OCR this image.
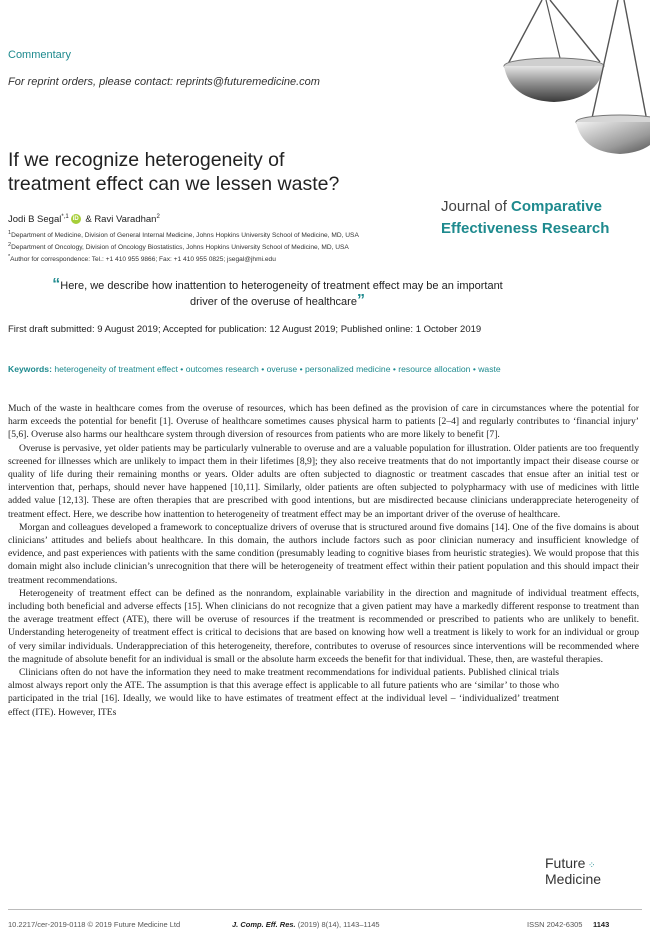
Commentary
For reprint orders, please contact: reprints@futuremedicine.com
If we recognize heterogeneity of
treatment effect can we lessen waste?
Journal of Comparative
Effectiveness Research
Jodi B Segal$^{*,1}$ iD & Ravi Varadhan$^2$
$^1$Department of Medicine, Division of General Internal Medicine, Johns Hopkins University School of Medicine, MD, USA
$^2$Department of Oncology, Division of Oncology Biostatistics, Johns Hopkins University School of Medicine, MD, USA
*Author for correspondence: Tel.: +1 410 955 9866; Fax: +1 410 955 0825; jsegal@jhmi.edu
“Here, we describe how inattention to heterogeneity of treatment effect may be an important
driver of the overuse of healthcare”
First draft submitted: 9 August 2019; Accepted for publication: 12 August 2019; Published online: 1 October 2019
Keywords: heterogeneity of treatment effect • outcomes research • overuse • personalized medicine • resource allocation • waste

Much of the waste in healthcare comes from the overuse of resources, which has been defined as the provision of care in circumstances where the potential for harm exceeds the potential for benefit [1]. Overuse of healthcare sometimes causes physical harm to patients [2–4] and regularly contributes to ‘financial injury’ [5,6]. Overuse also harms our healthcare system through diversion of resources from patients who are more likely to benefit [7].

Overuse is pervasive, yet older patients may be particularly vulnerable to overuse and are a valuable population for illustration. Older patients are too frequently screened for illnesses which are unlikely to impact them in their lifetimes [8,9]; they also receive treatments that do not importantly impact their disease course or quality of life during their remaining months or years. Older adults are often subjected to diagnostic or treatment cascades that ensue after an initial test or intervention that, perhaps, should never have happened [10,11]. Similarly, older patients are often subjected to polypharmacy with use of medicines with little added value [12,13]. These are often therapies that are prescribed with good intentions, but are misdirected because clinicians underappreciate heterogeneity of treatment effect. Here, we describe how inattention to heterogeneity of treatment effect may be an important driver of the overuse of healthcare.

Morgan and colleagues developed a framework to conceptualize drivers of overuse that is structured around five domains [14]. One of the five domains is about clinicians’ attitudes and beliefs about healthcare. In this domain, the authors include factors such as poor clinician numeracy and insufficient knowledge of evidence, and past experiences with patients with the same condition (presumably leading to cognitive biases from heuristic strategies). We would propose that this domain might also include clinician’s unrecognition that there will be heterogeneity of treatment effect within their patient population and this should impact their treatment recommendations.

Heterogeneity of treatment effect can be defined as the nonrandom, explainable variability in the direction and magnitude of individual treatment effects, including both beneficial and adverse effects [15]. When clinicians do not recognize that a given patient may have a markedly different response to treatment than the average treatment effect (ATE), there will be overuse of resources if the treatment is recommended or prescribed to patients who are unlikely to benefit. Understanding heterogeneity of treatment effect is critical to decisions that are based on knowing how well a treatment is likely to work for an individual or group of very similar individuals. Underappreciation of this heterogeneity, therefore, contributes to overuse of resources since interventions will be recommended where the magnitude of absolute benefit for an individual is small or the absolute harm exceeds the benefit for that individual. These, then, are wasteful therapies.

Clinicians often do not have the information they need to make treatment recommendations for individual patients. Published clinical trials almost always report only the ATE. The assumption is that this average effect is applicable to all future patients who are ‘similar’ to those who participated in the trial [16]. Ideally, we would like to have estimates of treatment effect at the individual level – ‘individualized’ treatment effect (ITE). However, ITEs

Future ⁘
Medicine
10.2217/cer-2019-0118 © 2019 Future Medicine Ltd	J. Comp. Eff. Res. (2019) 8(14), 1143–1145	ISSN 2042-6305 1143
